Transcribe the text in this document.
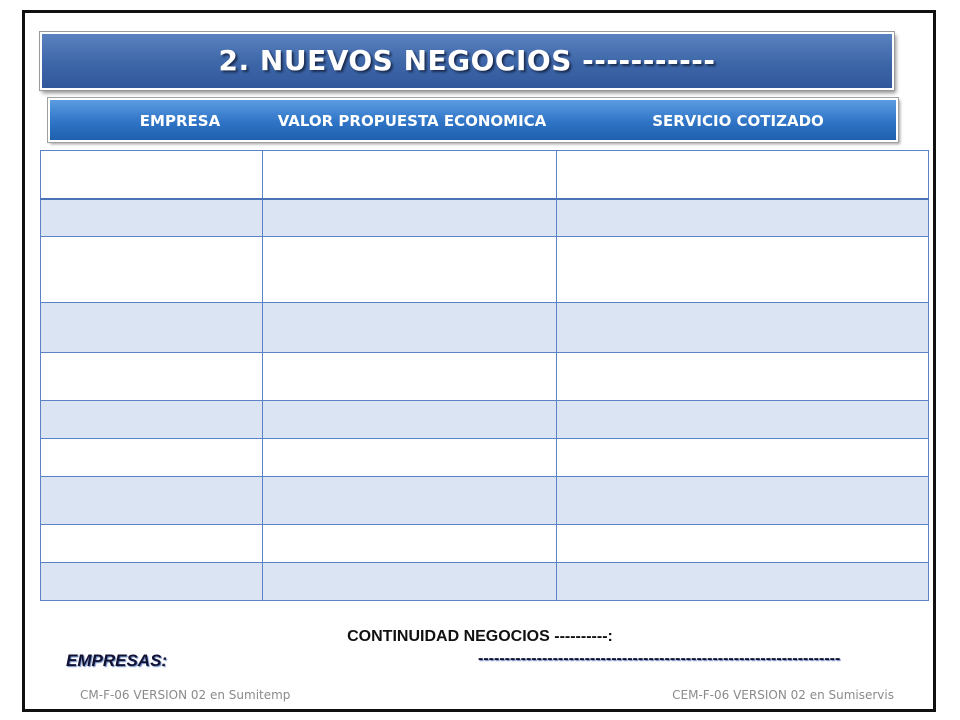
2. NUEVOS NEGOCIOS -----------
EMPRESA	VALOR PROPUESTA ECONOMICA	SERVICIO COTIZADO

CONTINUIDAD NEGOCIOS ----------:
EMPRESAS:	--------------------------------------------------------------------
CM-F-06 VERSION 02 en Sumitemp	CEM-F-06 VERSION 02 en Sumiservis
